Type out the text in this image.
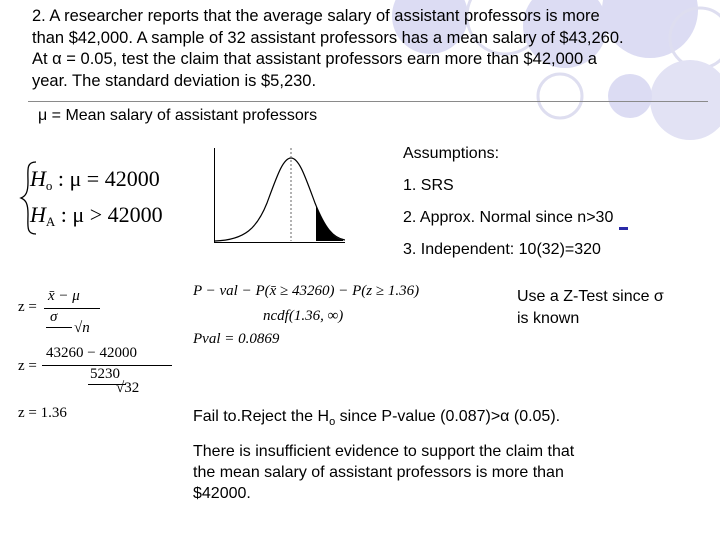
2. A researcher reports that the average salary of assistant professors is more
than $42,000. A sample of 32 assistant professors has a mean salary of $43,260.
At α = 0.05, test the claim that assistant professors earn more than $42,000 a
year. The standard deviation is $5,230.
μ = Mean salary of assistant professors
Ho : μ = 42000
HA : μ > 42000
Assumptions:
1. SRS
2. Approx. Normal since n>30
3. Independent: 10(32)=320
Use a Z-Test since σ
is known
z =
x̄ − μ
σ
√n
z =
43260 − 42000
5230
√32
z = 1.36
P − val − P(x̄ ≥ 43260) − P(z ≥ 1.36)
ncdf(1.36, ∞)
Pval = 0.0869
Fail to.Reject the $H_o$ since P-value (0.087)>α (0.05).
There is insufficient evidence to support the claim that
the mean salary of assistant professors is more than
$42000.
